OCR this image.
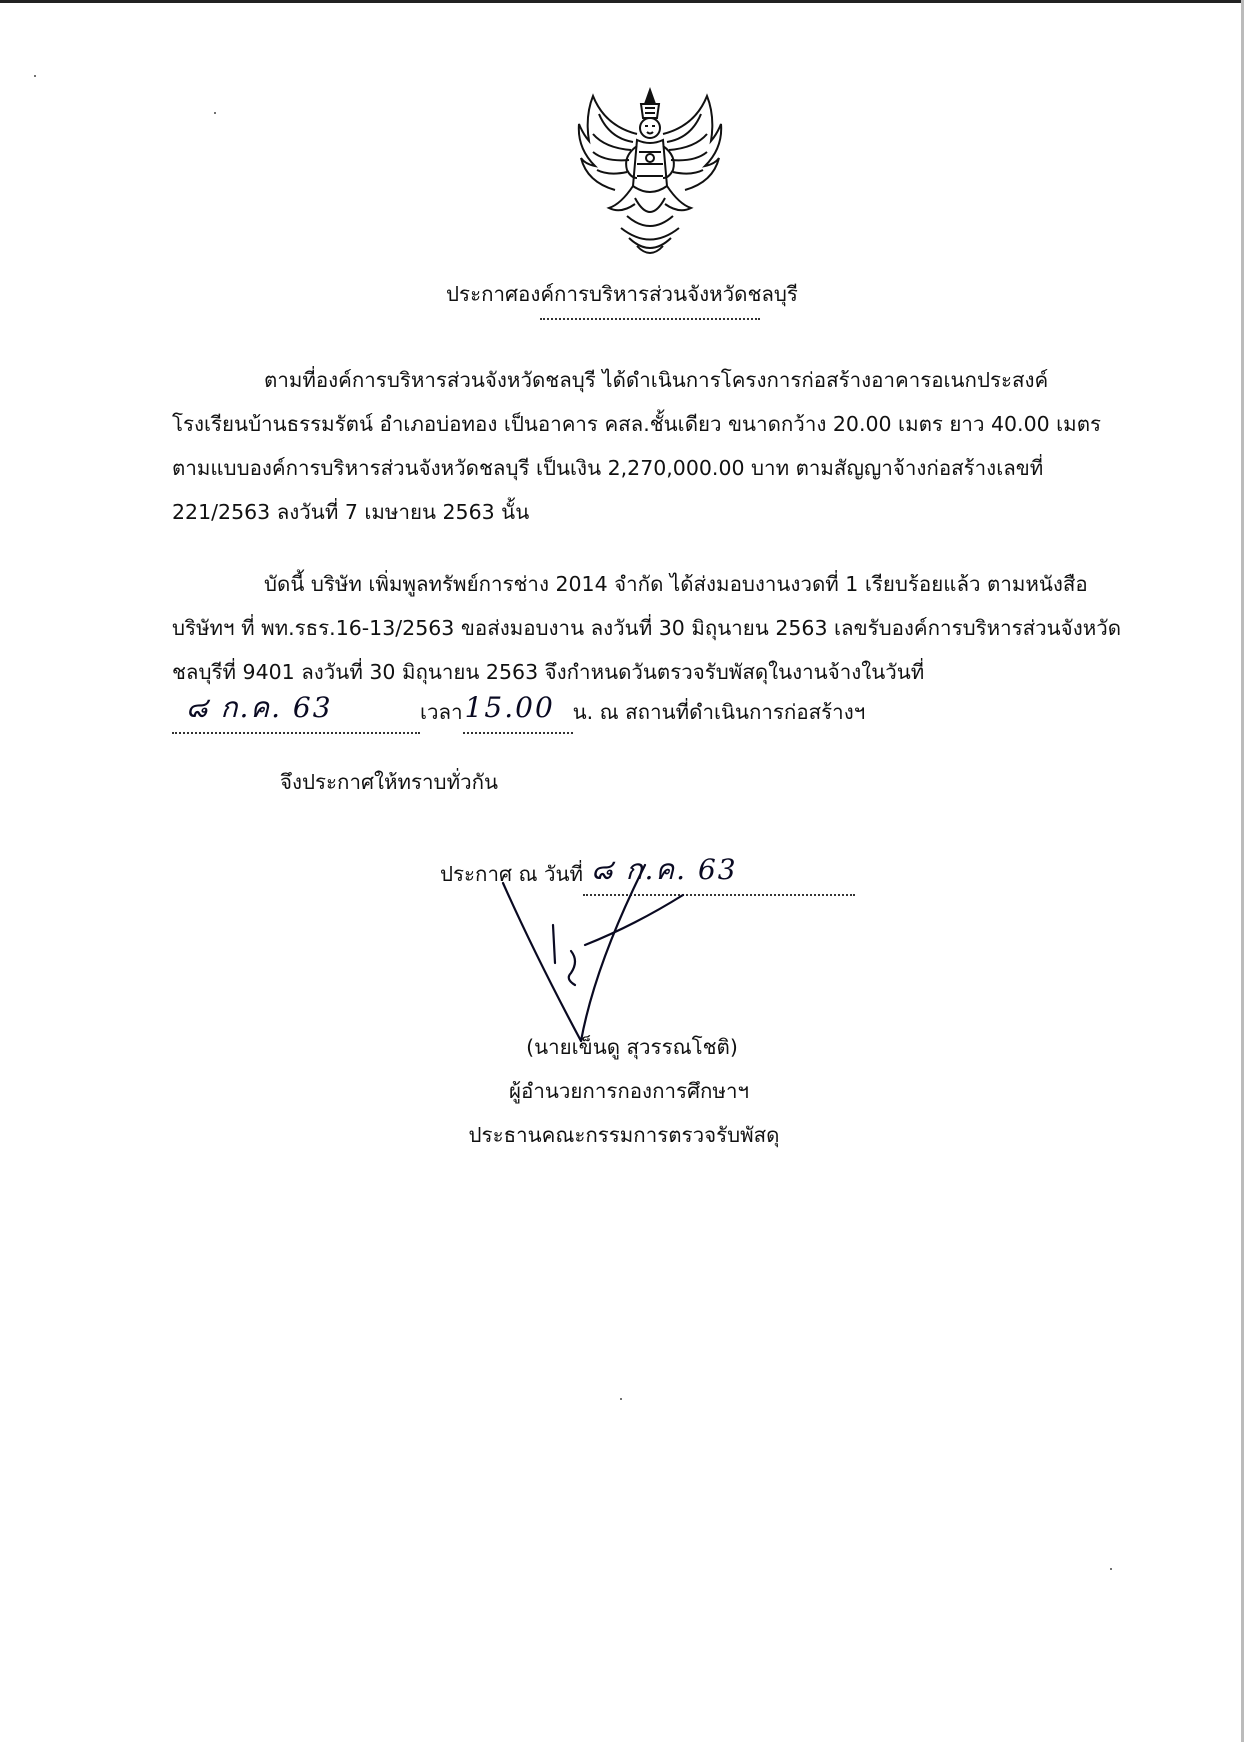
ประกาศองค์การบริหารส่วนจังหวัดชลบุรี
ตามที่องค์การบริหารส่วนจังหวัดชลบุรี ได้ดำเนินการโครงการก่อสร้างอาคารอเนกประสงค์
โรงเรียนบ้านธรรมรัตน์ อำเภอบ่อทอง เป็นอาคาร คสล.ชั้นเดียว ขนาดกว้าง 20.00 เมตร ยาว 40.00 เมตร
ตามแบบองค์การบริหารส่วนจังหวัดชลบุรี เป็นเงิน 2,270,000.00 บาท ตามสัญญาจ้างก่อสร้างเลขที่
221/2563 ลงวันที่ 7 เมษายน 2563 นั้น
บัดนี้ บริษัท เพิ่มพูลทรัพย์การช่าง 2014 จำกัด ได้ส่งมอบงานงวดที่ 1 เรียบร้อยแล้ว ตามหนังสือ
บริษัทฯ ที่ พท.รธร.16-13/2563 ขอส่งมอบงาน ลงวันที่ 30 มิถุนายน 2563 เลขรับองค์การบริหารส่วนจังหวัด
ชลบุรีที่ 9401 ลงวันที่ 30 มิถุนายน 2563 จึงกำหนดวันตรวจรับพัสดุในงานจ้างในวันที่
๘ ก.ค. 63	เวลา 15.00 น. ณ สถานที่ดำเนินการก่อสร้างฯ
จึงประกาศให้ทราบทั่วกัน
ประกาศ ณ วันที่ ๘ ก.ค. 63
(นายเข็นดู สุวรรณโชติ)
ผู้อำนวยการกองการศึกษาฯ
ประธานคณะกรรมการตรวจรับพัสดุ
